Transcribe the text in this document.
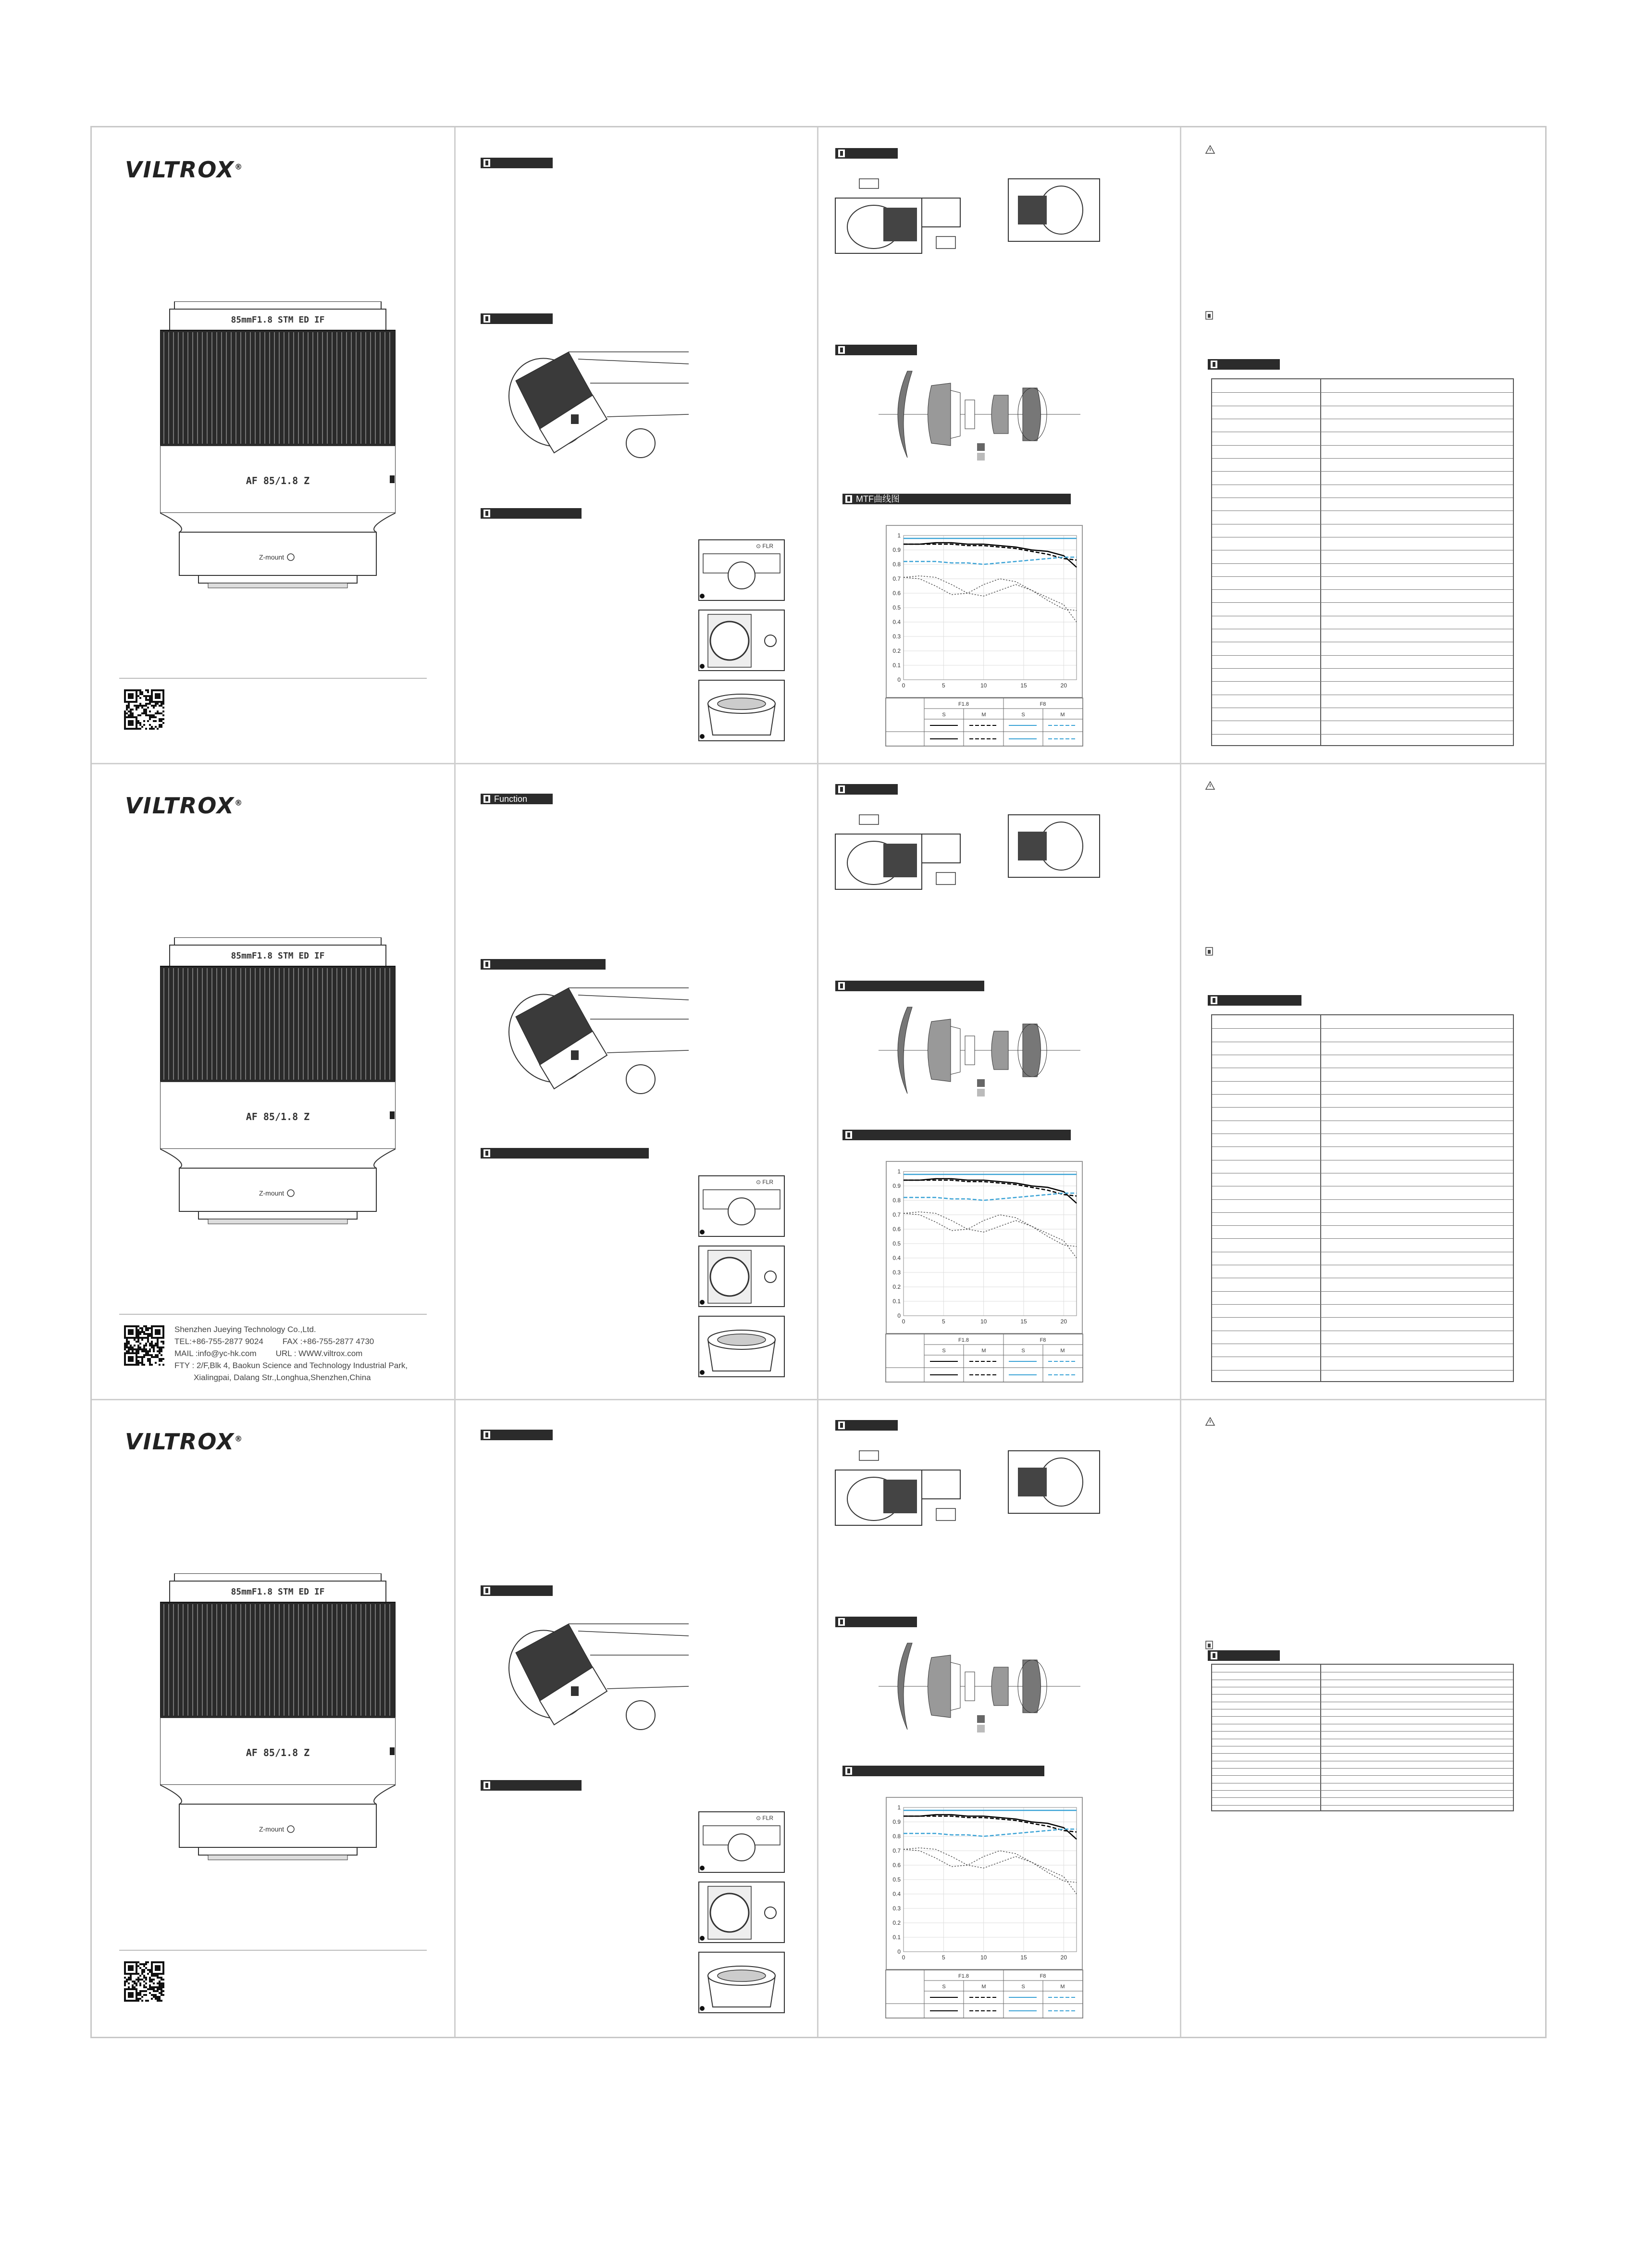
VILTROX®
85mmF1.8 STM ED IF
AF 85/1.8 Z
Z-mount
⊙ FLR
MTF曲线图
0
0.1
0.2
0.3
0.4
0.5
0.6
0.7
0.8
0.9
1
0	5	10	15	20
F1.8	F8
S	M	S	M
VILTROX®
85mmF1.8 STM ED IF
AF 85/1.8 Z
Z-mount
Shenzhen Jueying Technology Co.,Ltd.
TEL:+86-755-2877 9024 FAX :+86-755-2877 4730
MAIL :info@yc-hk.com URL : WWW.viltrox.com
FTY : 2/F,Blk 4, Baokun Science and Technology Industrial Park,
Xialingpai, Dalang Str.,Longhua,Shenzhen,China
Function
⊙ FLR
0
0.1
0.2
0.3
0.4
0.5
0.6
0.7
0.8
0.9
1
0	5	10	15	20
F1.8	F8
S	M	S	M
VILTROX®
85mmF1.8 STM ED IF
AF 85/1.8 Z
Z-mount
⊙ FLR
0
0.1
0.2
0.3
0.4
0.5
0.6
0.7
0.8
0.9
1
0	5	10	15	20
F1.8	F8
S	M	S	M
